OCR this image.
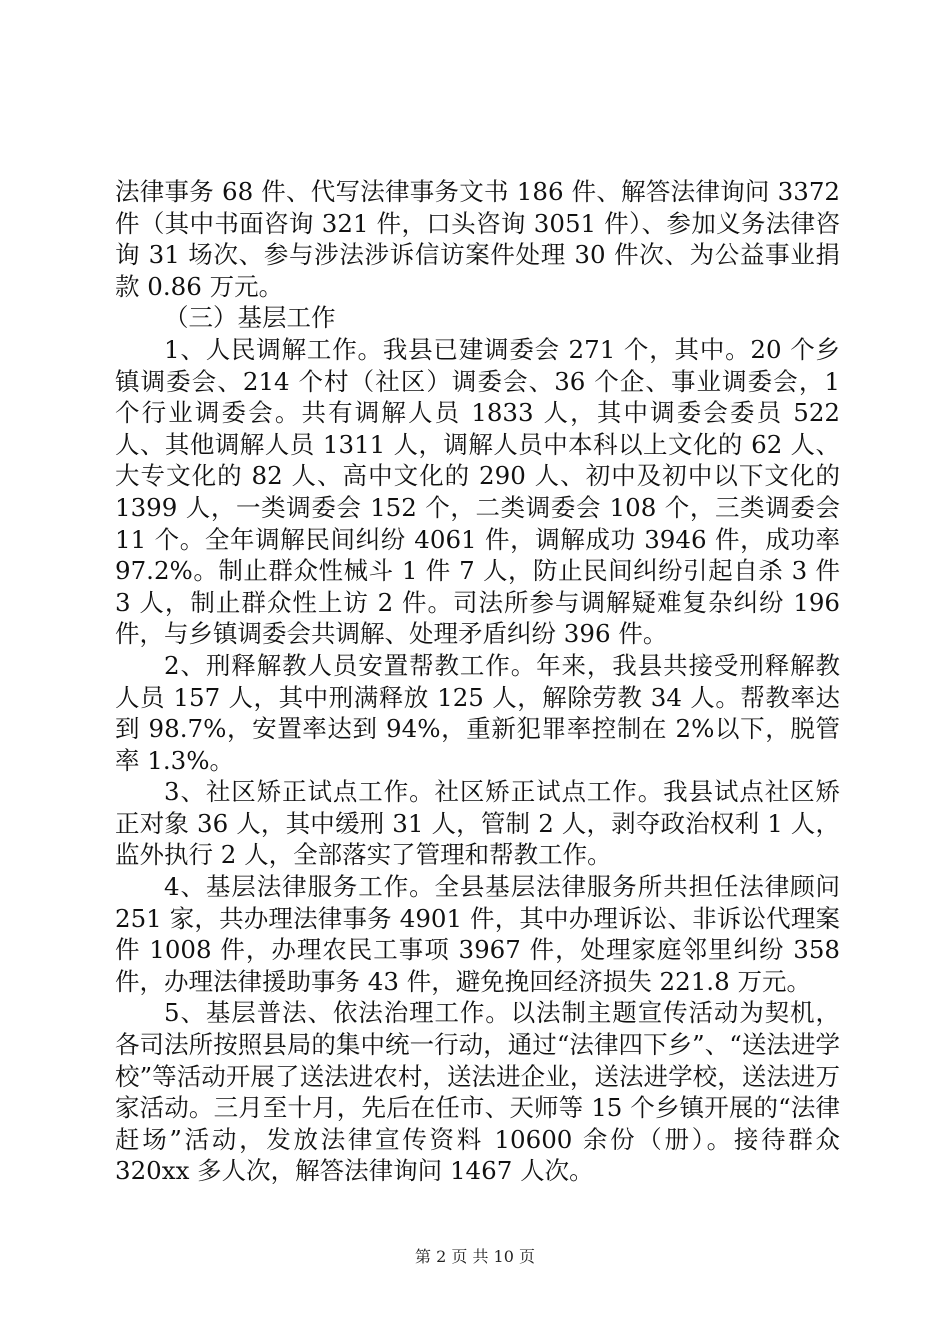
法律事务 68 件、代写法律事务文书 186 件、解答法律询问 3372 件（其中书面咨询 321 件，口头咨询 3051 件）、参加义务法律咨询 31 场次、参与涉法涉诉信访案件处理 30 件次、为公益事业捐款 0.86 万元。

（三）基层工作

1、人民调解工作。我县已建调委会 271 个，其中。20 个乡镇调委会、214 个村（社区）调委会、36 个企、事业调委会，1 个行业调委会。共有调解人员 1833 人，其中调委会委员 522 人、其他调解人员 1311 人，调解人员中本科以上文化的 62 人、大专文化的 82 人、高中文化的 290 人、初中及初中以下文化的 1399 人，一类调委会 152 个，二类调委会 108 个，三类调委会 11 个。全年调解民间纠纷 4061 件，调解成功 3946 件，成功率 97.2%。制止群众性械斗 1 件 7 人，防止民间纠纷引起自杀 3 件 3 人，制止群众性上访 2 件。司法所参与调解疑难复杂纠纷 196 件，与乡镇调委会共调解、处理矛盾纠纷 396 件。

2、刑释解教人员安置帮教工作。年来，我县共接受刑释解教人员 157 人，其中刑满释放 125 人，解除劳教 34 人。帮教率达到 98.7%，安置率达到 94%，重新犯罪率控制在 2%以下，脱管率 1.3%。

3、社区矫正试点工作。社区矫正试点工作。我县试点社区矫正对象 36 人，其中缓刑 31 人，管制 2 人，剥夺政治权利 1 人，监外执行 2 人，全部落实了管理和帮教工作。

4、基层法律服务工作。全县基层法律服务所共担任法律顾问 251 家，共办理法律事务 4901 件，其中办理诉讼、非诉讼代理案件 1008 件，办理农民工事项 3967 件，处理家庭邻里纠纷 358 件，办理法律援助事务 43 件，避免挽回经济损失 221.8 万元。

5、基层普法、依法治理工作。以法制主题宣传活动为契机，各司法所按照县局的集中统一行动，通过“法律四下乡”、“送法进学校”等活动开展了送法进农村，送法进企业，送法进学校，送法进万家活动。三月至十月，先后在任市、天师等 15 个乡镇开展的“法律赶场”活动，发放法律宣传资料 10600 余份（册）。接待群众 320xx 多人次，解答法律询问 1467 人次。

第 2 页 共 10 页
